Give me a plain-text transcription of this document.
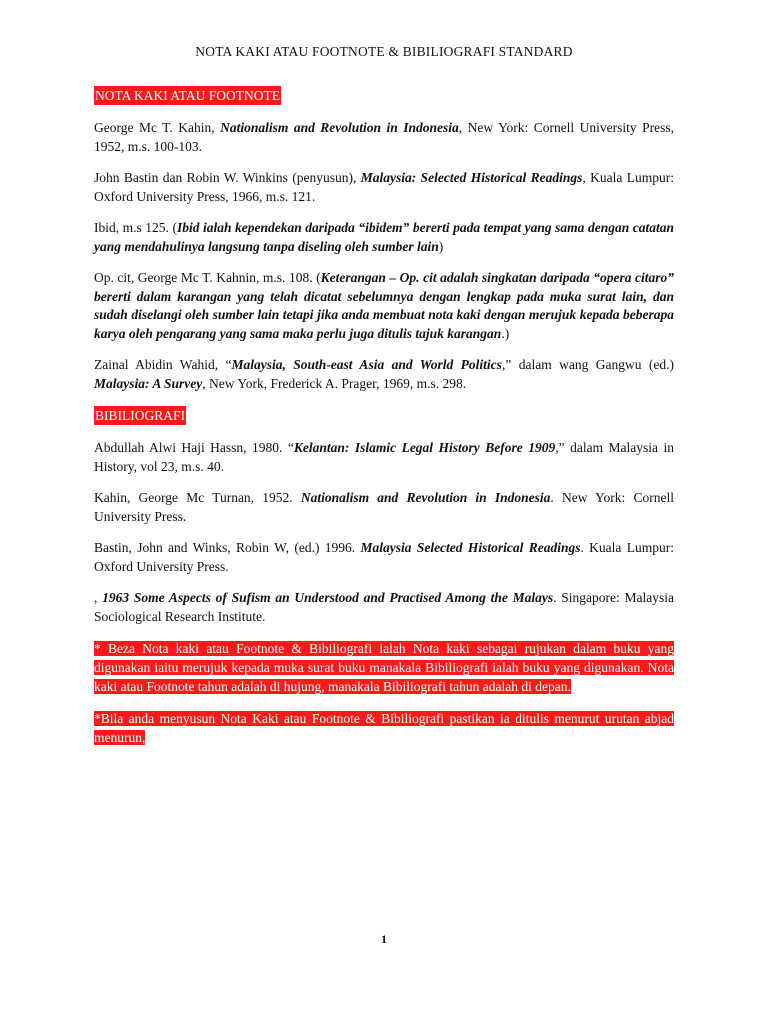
NOTA KAKI ATAU FOOTNOTE & BIBILIOGRAFI STANDARD
NOTA KAKI ATAU FOOTNOTE

George Mc T. Kahin, Nationalism and Revolution in Indonesia, New York: Cornell University Press, 1952, m.s. 100-103.

John Bastin dan Robin W. Winkins (penyusun), Malaysia: Selected Historical Readings, Kuala Lumpur: Oxford University Press, 1966, m.s. 121.

Ibid, m.s 125. (Ibid ialah kependekan daripada “ibidem” bererti pada tempat yang sama dengan catatan yang mendahulinya langsung tanpa diseling oleh sumber lain)

Op. cit, George Mc T. Kahnin, m.s. 108. (Keterangan – Op. cit adalah singkatan daripada “opera citaro” bererti dalam karangan yang telah dicatat sebelumnya dengan lengkap pada muka surat lain, dan sudah diselangi oleh sumber lain tetapi jika anda membuat nota kaki dengan merujuk kepada beberapa karya oleh pengarang yang sama maka perlu juga ditulis tajuk karangan.)

Zainal Abidin Wahid, “Malaysia, South-east Asia and World Politics,” dalam wang Gangwu (ed.) Malaysia: A Survey, New York, Frederick A. Prager, 1969, m.s. 298.

BIBILIOGRAFI

Abdullah Alwi Haji Hassn, 1980. “Kelantan: Islamic Legal History Before 1909,” dalam Malaysia in History, vol 23, m.s. 40.

Kahin, George Mc Turnan, 1952. Nationalism and Revolution in Indonesia. New York: Cornell University Press.

Bastin, John and Winks, Robin W, (ed.) 1996. Malaysia Selected Historical Readings. Kuala Lumpur: Oxford University Press.

, 1963 Some Aspects of Sufism an Understood and Practised Among the Malays. Singapore: Malaysia Sociological Research Institute.

* Beza Nota kaki atau Footnote & Bibiliografi ialah Nota kaki sebagai rujukan dalam buku yang digunakan iaitu merujuk kepada muka surat buku manakala Bibiliografi ialah buku yang digunakan. Nota kaki atau Footnote tahun adalah di hujung, manakala Bibiliografi tahun adalah di depan.

*Bila anda menyusun Nota Kaki atau Footnote & Bibiliografi pastikan ia ditulis menurut urutan abjad menurun,

1
